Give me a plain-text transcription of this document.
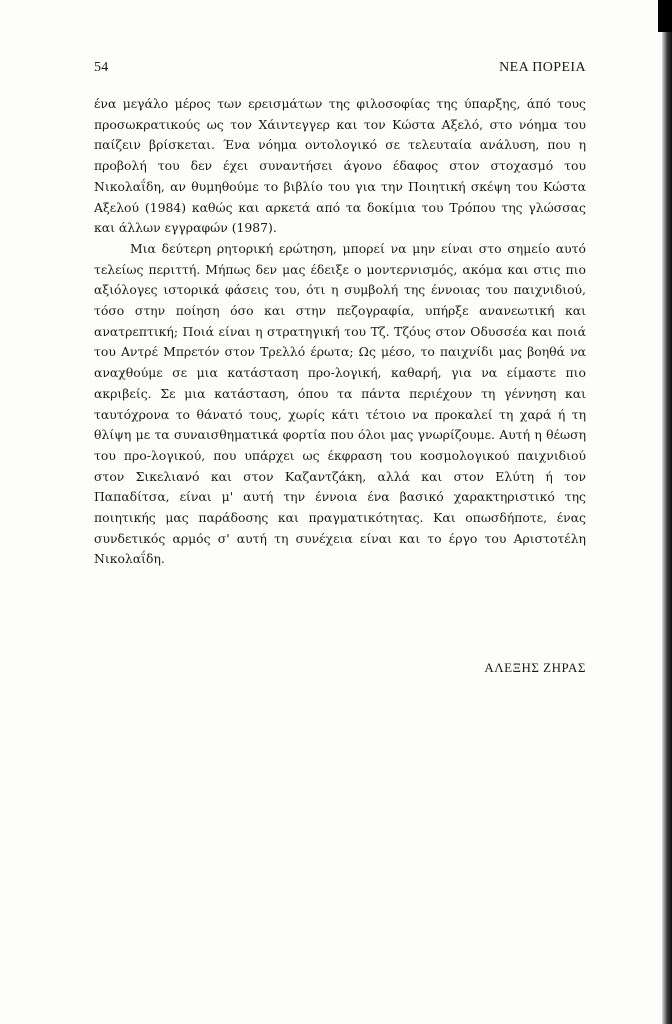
54	ΝΕΑ ΠΟΡΕΙΑ

ένα μεγάλο μέρος των ερεισμάτων της φιλοσοφίας της ύπαρξης, άπό τους προσωκρατικούς ως τον Χάιντεγγερ και τον Κώστα Αξελό, στο νόημα του παίζειν βρίσκεται. Ένα νόημα οντολογικό σε τελευταία ανάλυση, που η προβολή του δεν έχει συναντήσει άγονο έδαφος στον στοχασμό του Νικολαΐδη, αν θυμηθούμε το βιβλίο του για την Ποιητική σκέψη του Κώστα Αξελού (1984) καθώς και αρκετά από τα δοκίμια του Τρόπου της γλώσσας και άλλων εγγραφών (1987).

Μια δεύτερη ρητορική ερώτηση, μπορεί να μην είναι στο σημείο αυτό τελείως περιττή. Μήπως δεν μας έδειξε ο μοντερνισμός, ακόμα και στις πιο αξιόλογες ιστορικά φάσεις του, ότι η συμβολή της έννοιας του παιχνιδιού, τόσο στην ποίηση όσο και στην πεζογραφία, υπήρξε ανανεωτική και ανατρεπτική; Ποιά είναι η στρατηγική του Τζ. Τζόυς στον Οδυσσέα και ποιά του Αντρέ Μπρετόν στον Τρελλό έρωτα; Ως μέσο, το παιχνίδι μας βοηθά να αναχθούμε σε μια κατάσταση προ-λογική, καθαρή, για να είμαστε πιο ακριβείς. Σε μια κατάσταση, όπου τα πάντα περιέχουν τη γέννηση και ταυτόχρονα το θάνατό τους, χωρίς κάτι τέτοιο να προκαλεί τη χαρά ή τη θλίψη με τα συναισθηματικά φορτία που όλοι μας γνωρίζουμε. Αυτή η θέωση του προ-λογικού, που υπάρχει ως έκφραση του κοσμολογικού παιχνιδιού στον Σικελιανό και στον Καζαντζάκη, αλλά και στον Ελύτη ή τον Παπαδίτσα, είναι μ' αυτή την έννοια ένα βασικό χαρακτηριστικό της ποιητικής μας παράδοσης και πραγματικότητας. Και οπωσδήποτε, ένας συνδετικός αρμός σ' αυτή τη συνέχεια είναι και το έργο του Αριστοτέλη Νικολαΐδη.

ΑΛΕΞΗΣ ΖΗΡΑΣ
